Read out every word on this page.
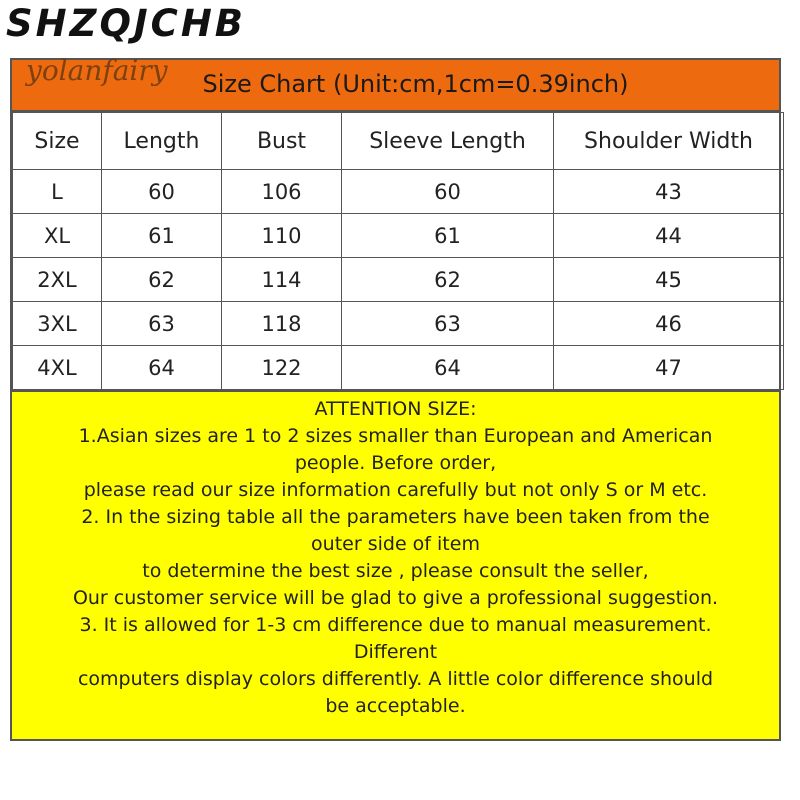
SHZQJCHB
yolanfairy	Size Chart (Unit:cm,1cm=0.39inch)
Size	Length	Bust	Sleeve Length	Shoulder Width
L	60	106	60	43
XL	61	110	61	44
2XL	62	114	62	45
3XL	63	118	63	46
4XL	64	122	64	47
ATTENTION SIZE:
1.Asian sizes are 1 to 2 sizes smaller than European and American
people. Before order,
please read our size information carefully but not only S or M etc.
2. In the sizing table all the parameters have been taken from the
outer side of item
to determine the best size , please consult the seller,
Our customer service will be glad to give a professional suggestion.
3. It is allowed for 1-3 cm difference due to manual measurement.
Different
computers display colors differently. A little color difference should
be acceptable.
